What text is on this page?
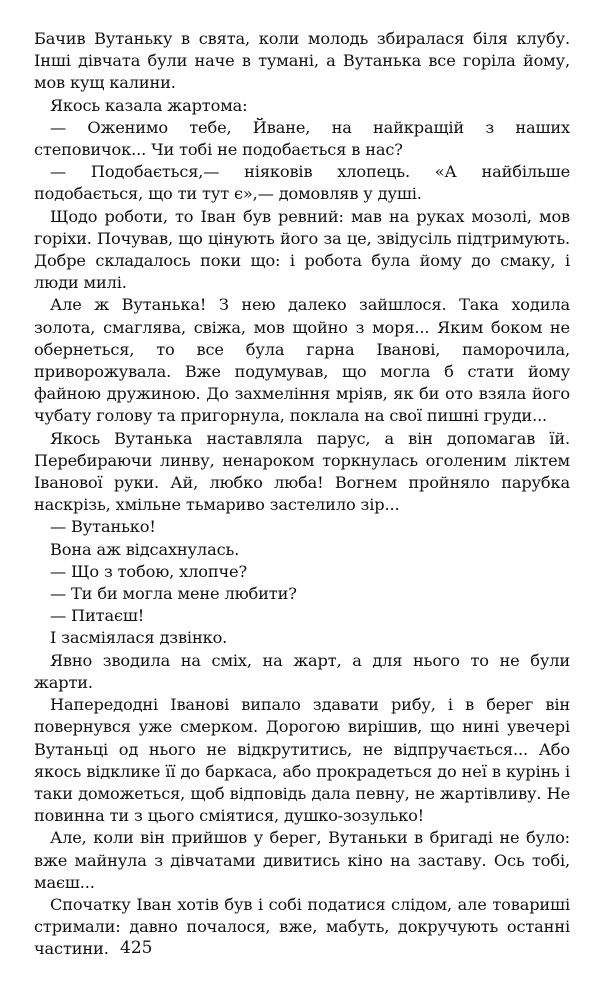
Бачив Вутаньку в свята, коли молодь збиралася біля клубу. Інші дівчата були наче в тумані, а Вутанька все горіла йому, мов кущ калини.

Якось казала жартома:

— Оженимо тебе, Йване, на найкращій з наших степовичок... Чи тобі не подобається в нас?

— Подобається,— ніяковів хлопець. «А найбільше подобається, що ти тут є»,— домовляв у душі.

Щодо роботи, то Іван був ревний: мав на руках мозолі, мов горіхи. Почував, що цінують його за це, звідусіль підтримують. Добре складалось поки що: і робота була йому до смаку, і люди милі.

Але ж Вутанька! З нею далеко зайшлося. Така ходила золота, смаглява, свіжа, мов щойно з моря... Яким боком не обернеться, то все була гарна Іванові, паморочила, приворожувала. Вже подумував, що могла б стати йому файною дружиною. До захмеління мріяв, як би ото взяла його чубату голову та пригорнула, поклала на свої пишні груди...

Якось Вутанька наставляла парус, а він допомагав їй. Перебираючи линву, ненароком торкнулась оголеним ліктем Іванової руки. Ай, любко люба! Вогнем пройняло парубка наскрізь, хмільне тьмариво застелило зір...

— Вутанько!

Вона аж відсахнулась.

— Що з тобою, хлопче?

— Ти би могла мене любити?

— Питаєш!

І засміялася дзвінко.

Явно зводила на сміх, на жарт, а для нього то не були жарти.

Напередодні Іванові випало здавати рибу, і в берег він повернувся уже смерком. Дорогою вирішив, що нині увечері Вутаньці од нього не відкрутитись, не відпручається... Або якось відклике її до баркаса, або прокрадеться до неї в курінь і таки доможеться, щоб відповідь дала певну, не жартівливу. Не повинна ти з цього сміятися, душко-зозулько!

Але, коли він прийшов у берег, Вутаньки в бригаді не було: вже майнула з дівчатами дивитись кіно на заставу. Ось тобі, маєш...

Спочатку Іван хотів був і собі податися слідом, але товариші стримали: давно почалося, вже, мабуть, докручують останні частини. 425
